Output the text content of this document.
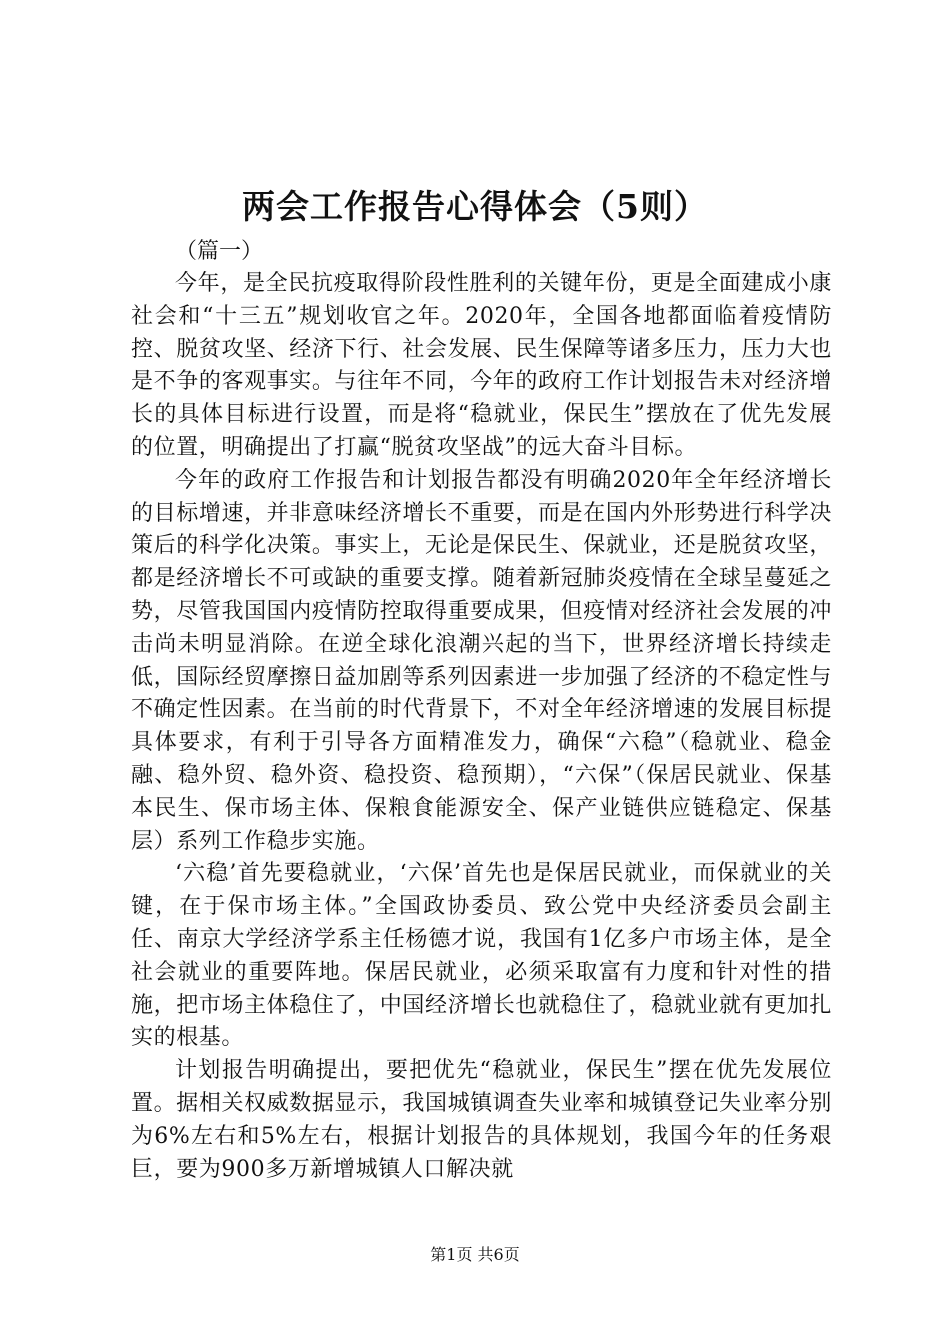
两会工作报告心得体会（5则）

（篇一）

今年，是全民抗疫取得阶段性胜利的关键年份，更是全面建成小康社会和“十三五”规划收官之年。2020年，全国各地都面临着疫情防控、脱贫攻坚、经济下行、社会发展、民生保障等诸多压力，压力大也是不争的客观事实。与往年不同，今年的政府工作计划报告未对经济增长的具体目标进行设置，而是将“稳就业，保民生”摆放在了优先发展的位置，明确提出了打赢“脱贫攻坚战”的远大奋斗目标。

今年的政府工作报告和计划报告都没有明确2020年全年经济增长的目标增速，并非意味经济增长不重要，而是在国内外形势进行科学决策后的科学化决策。事实上，无论是保民生、保就业，还是脱贫攻坚，都是经济增长不可或缺的重要支撑。随着新冠肺炎疫情在全球呈蔓延之势，尽管我国国内疫情防控取得重要成果，但疫情对经济社会发展的冲击尚未明显消除。在逆全球化浪潮兴起的当下，世界经济增长持续走低，国际经贸摩擦日益加剧等系列因素进一步加强了经济的不稳定性与不确定性因素。在当前的时代背景下，不对全年经济增速的发展目标提具体要求，有利于引导各方面精准发力，确保“六稳”（稳就业、稳金融、稳外贸、稳外资、稳投资、稳预期），“六保”（保居民就业、保基本民生、保市场主体、保粮食能源安全、保产业链供应链稳定、保基层）系列工作稳步实施。

‘六稳’首先要稳就业，‘六保’首先也是保居民就业，而保就业的关键，在于保市场主体。”全国政协委员、致公党中央经济委员会副主任、南京大学经济学系主任杨德才说，我国有1亿多户市场主体，是全社会就业的重要阵地。保居民就业，必须采取富有力度和针对性的措施，把市场主体稳住了，中国经济增长也就稳住了，稳就业就有更加扎实的根基。

计划报告明确提出，要把优先“稳就业，保民生”摆在优先发展位置。据相关权威数据显示，我国城镇调查失业率和城镇登记失业率分别为6%左右和5%左右，根据计划报告的具体规划，我国今年的任务艰巨，要为900多万新增城镇人口解决就

第1页 共6页
